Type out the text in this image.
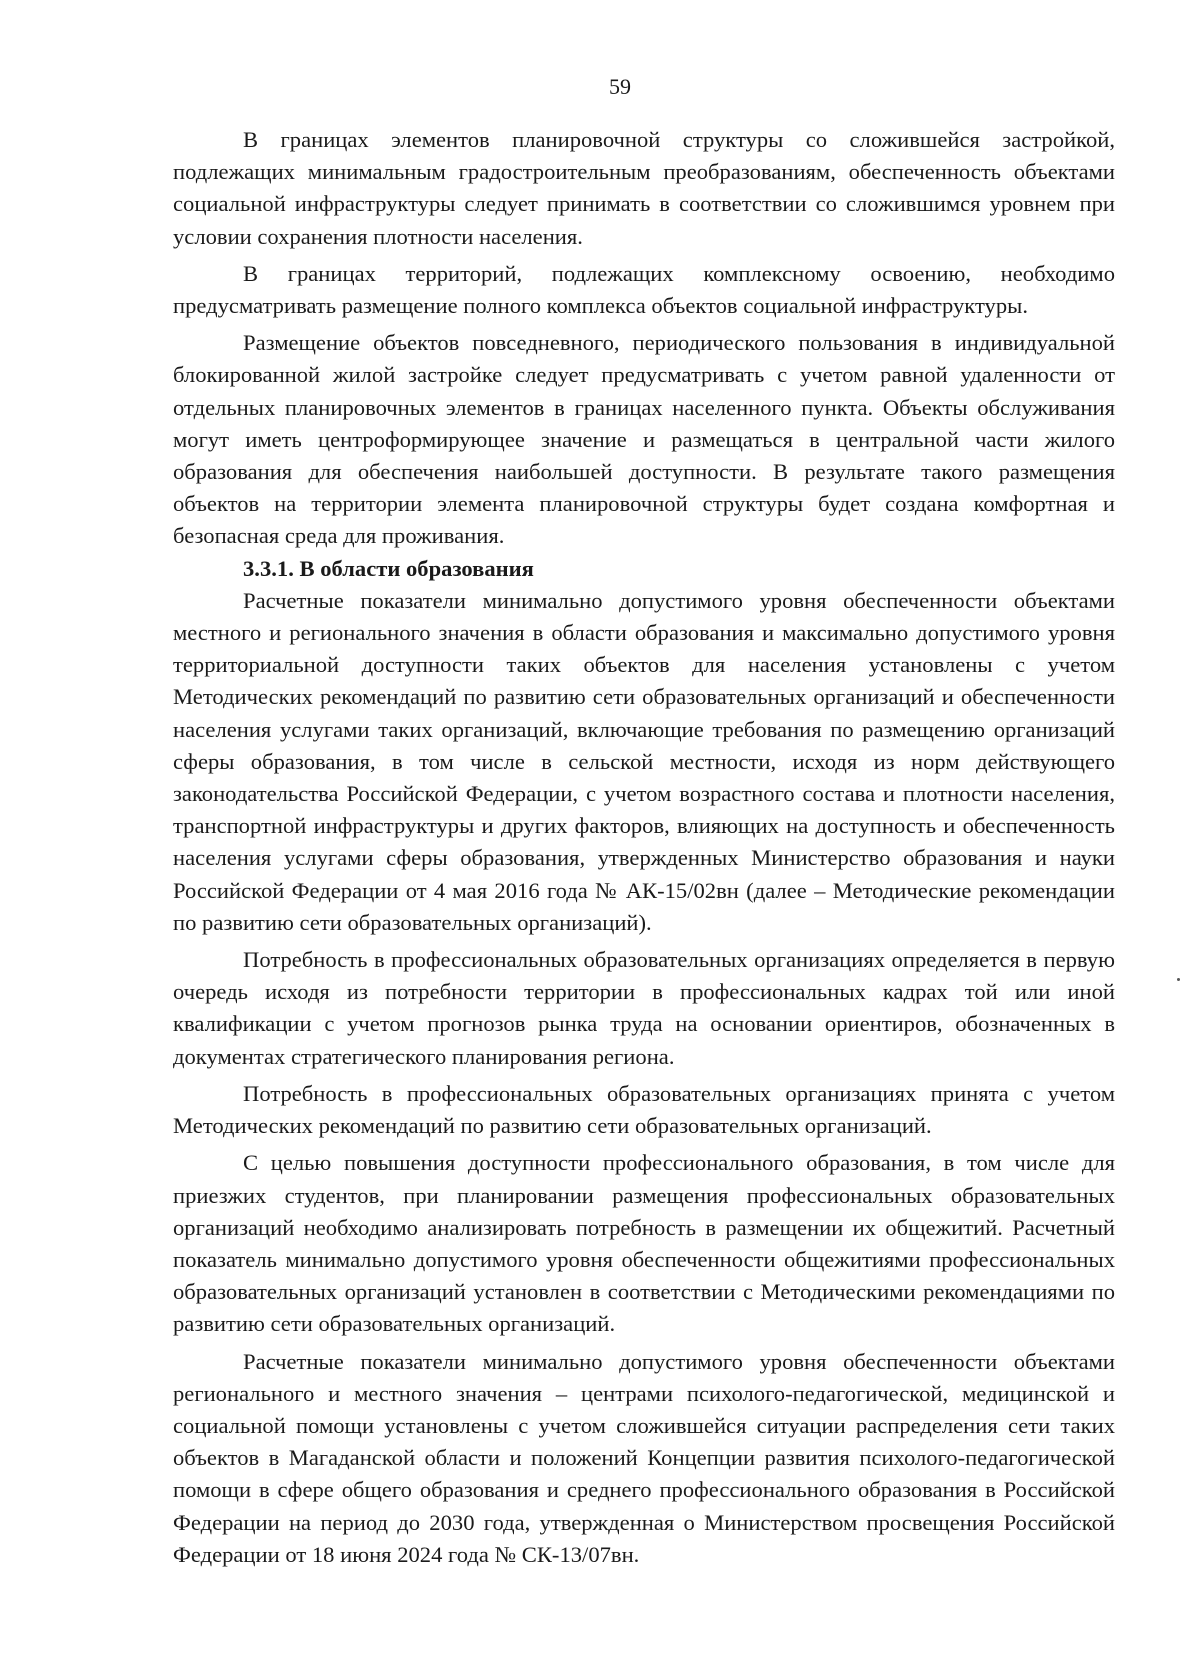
59

В границах элементов планировочной структуры со сложившейся застройкой, подлежащих минимальным градостроительным преобразованиям, обеспеченность объектами социальной инфраструктуры следует принимать в соответствии со сложившимся уровнем при условии сохранения плотности населения.

В границах территорий, подлежащих комплексному освоению, необходимо предусматривать размещение полного комплекса объектов социальной инфраструктуры.

Размещение объектов повседневного, периодического пользования в индивидуальной блокированной жилой застройке следует предусматривать с учетом равной удаленности от отдельных планировочных элементов в границах населенного пункта. Объекты обслуживания могут иметь центроформирующее значение и размещаться в центральной части жилого образования для обеспечения наибольшей доступности. В результате такого размещения объектов на территории элемента планировочной структуры будет создана комфортная и безопасная среда для проживания.

3.3.1. В области образования

Расчетные показатели минимально допустимого уровня обеспеченности объектами местного и регионального значения в области образования и максимально допустимого уровня территориальной доступности таких объектов для населения установлены с учетом Методических рекомендаций по развитию сети образовательных организаций и обеспеченности населения услугами таких организаций, включающие требования по размещению организаций сферы образования, в том числе в сельской местности, исходя из норм действующего законодательства Российской Федерации, с учетом возрастного состава и плотности населения, транспортной инфраструктуры и других факторов, влияющих на доступность и обеспеченность населения услугами сферы образования, утвержденных Министерство образования и науки Российской Федерации от 4 мая 2016 года № АК-15/02вн (далее – Методические рекомендации по развитию сети образовательных организаций).

Потребность в профессиональных образовательных организациях определяется в первую очередь исходя из потребности территории в профессиональных кадрах той или иной квалификации с учетом прогнозов рынка труда на основании ориентиров, обозначенных в документах стратегического планирования региона.

Потребность в профессиональных образовательных организациях принята с учетом Методических рекомендаций по развитию сети образовательных организаций.

С целью повышения доступности профессионального образования, в том числе для приезжих студентов, при планировании размещения профессиональных образовательных организаций необходимо анализировать потребность в размещении их общежитий. Расчетный показатель минимально допустимого уровня обеспеченности общежитиями профессиональных образовательных организаций установлен в соответствии с Методическими рекомендациями по развитию сети образовательных организаций.

Расчетные показатели минимально допустимого уровня обеспеченности объектами регионального и местного значения – центрами психолого-педагогической, медицинской и социальной помощи установлены с учетом сложившейся ситуации распределения сети таких объектов в Магаданской области и положений Концепции развития психолого-педагогической помощи в сфере общего образования и среднего профессионального образования в Российской Федерации на период до 2030 года, утвержденная о Министерством просвещения Российской Федерации от 18 июня 2024 года № СК-13/07вн.
